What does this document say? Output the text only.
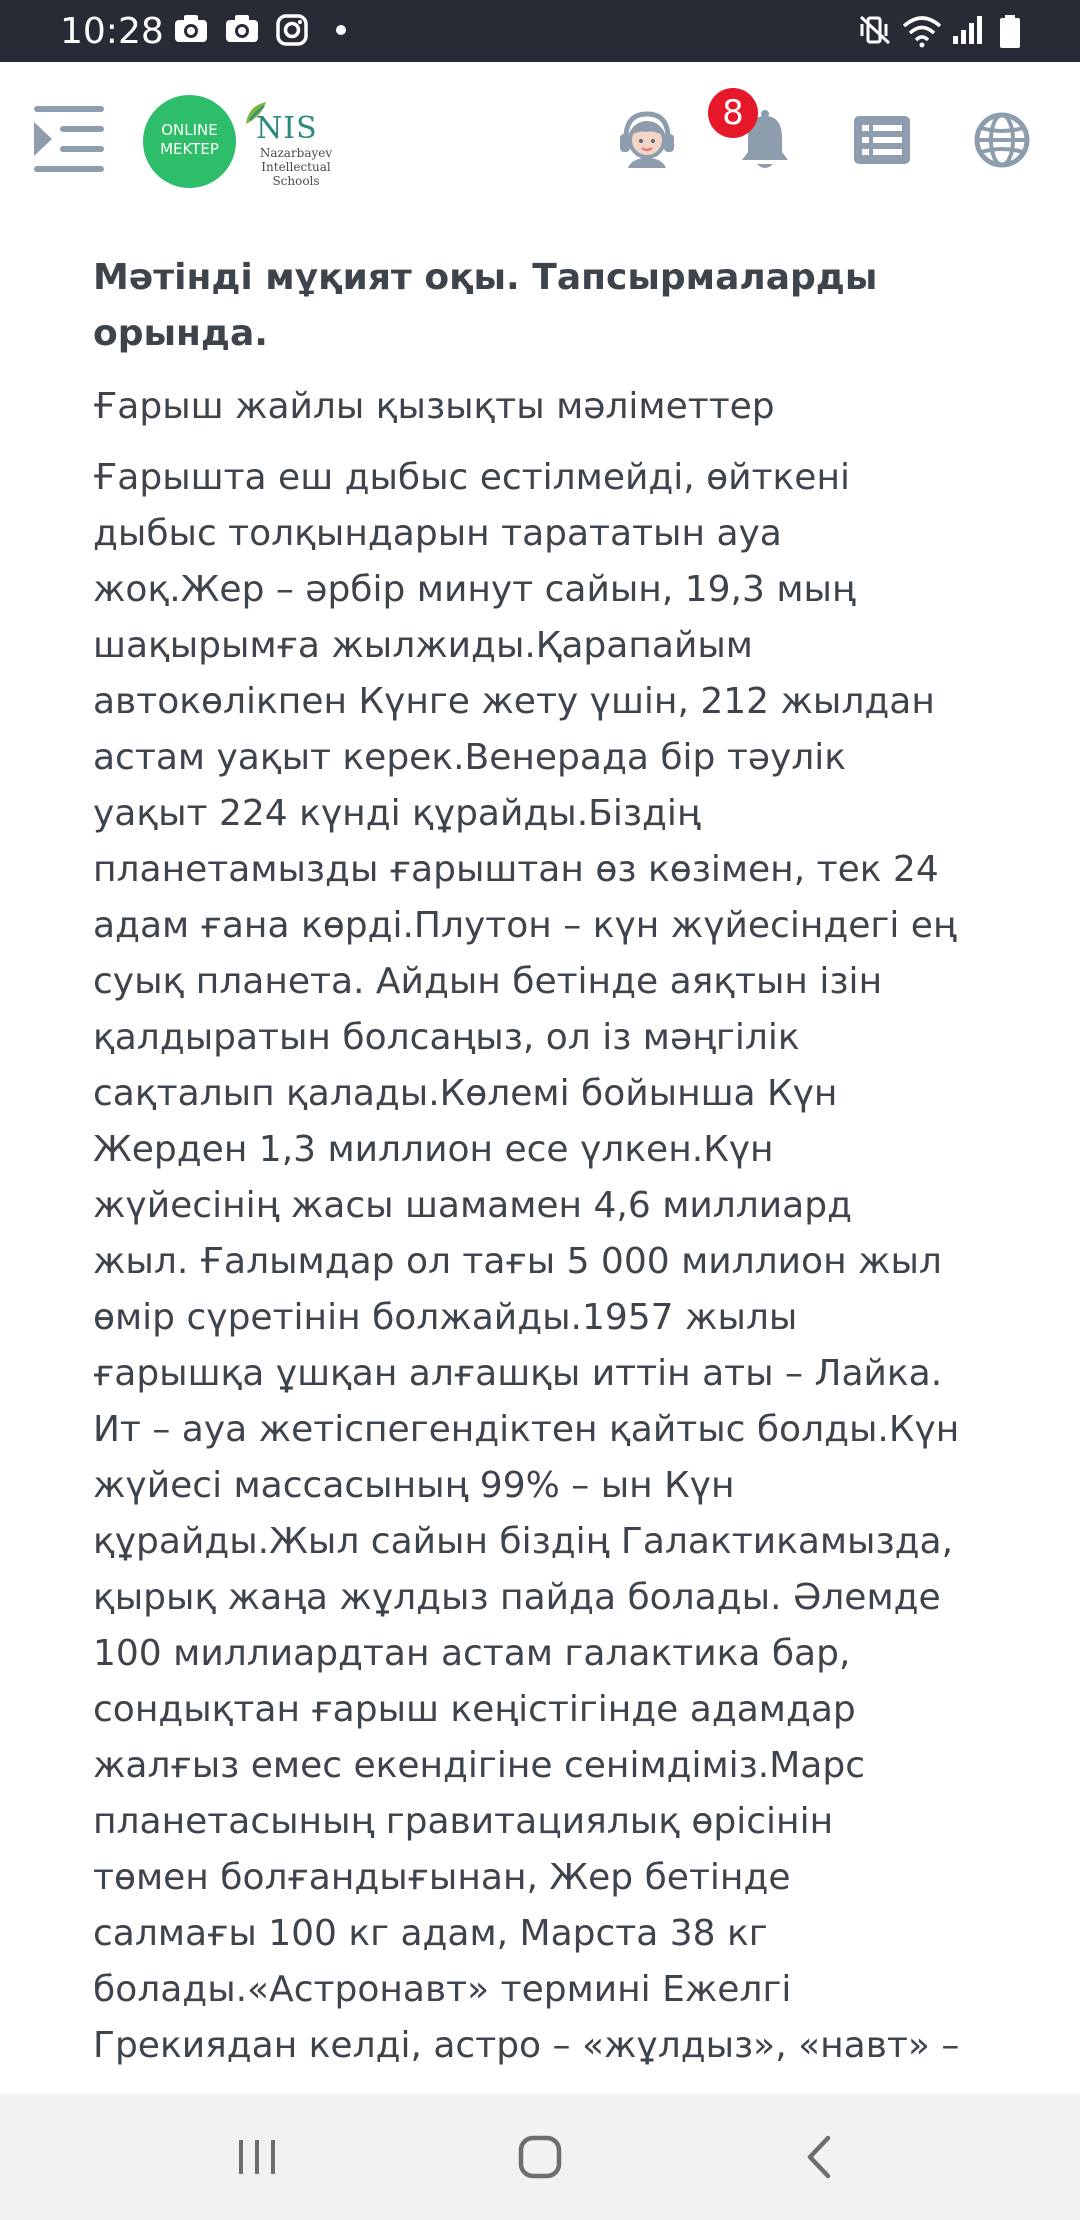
10:28
ONLINE
MEKTEP
NIS
Nazarbayev
Intellectual
Schools
8
Мәтінді мұқият оқы. Тапсырмаларды
орында.

Ғарыш жайлы қызықты мәліметтер

Ғарышта еш дыбыс естілмейді, өйткені
дыбыс толқындарын тарататын ауа
жоқ.Жер – әрбір минут сайын, 19,3 мың
шақырымға жылжиды.Қарапайым
автокөлікпен Күнге жету үшін, 212 жылдан
астам уақыт керек.Венерада бір тәулік
уақыт 224 күнді құрайды.Біздің
планетамызды ғарыштан өз көзімен, тек 24
адам ғана көрді.Плутон – күн жүйесіндегі ең
суық планета. Айдын бетінде аяқтын ізін
қалдыратын болсаңыз, ол із мәңгілік
сақталып қалады.Көлемі бойынша Күн
Жерден 1,3 миллион есе үлкен.Күн
жүйесінің жасы шамамен 4,6 миллиард
жыл. Ғалымдар ол тағы 5 000 миллион жыл
өмір сүретінін болжайды.1957 жылы
ғарышқа ұшқан алғашқы иттін аты – Лайка.
Ит – ауа жетіспегендіктен қайтыс болды.Күн
жүйесі массасының 99% – ын Күн
құрайды.Жыл сайын біздің Галактикамызда,
қырық жаңа жұлдыз пайда болады. Әлемде
100 миллиардтан астам галактика бар,
сондықтан ғарыш кеңістігінде адамдар
жалғыз емес екендігіне сенімдіміз.Марс
планетасының гравитациялық өрісінін
төмен болғандығынан, Жер бетінде
салмағы 100 кг адам, Марста 38 кг
болады.«Астронавт» термині Ежелгі
Грекиядан келді, астро – «жұлдыз», «навт» –
